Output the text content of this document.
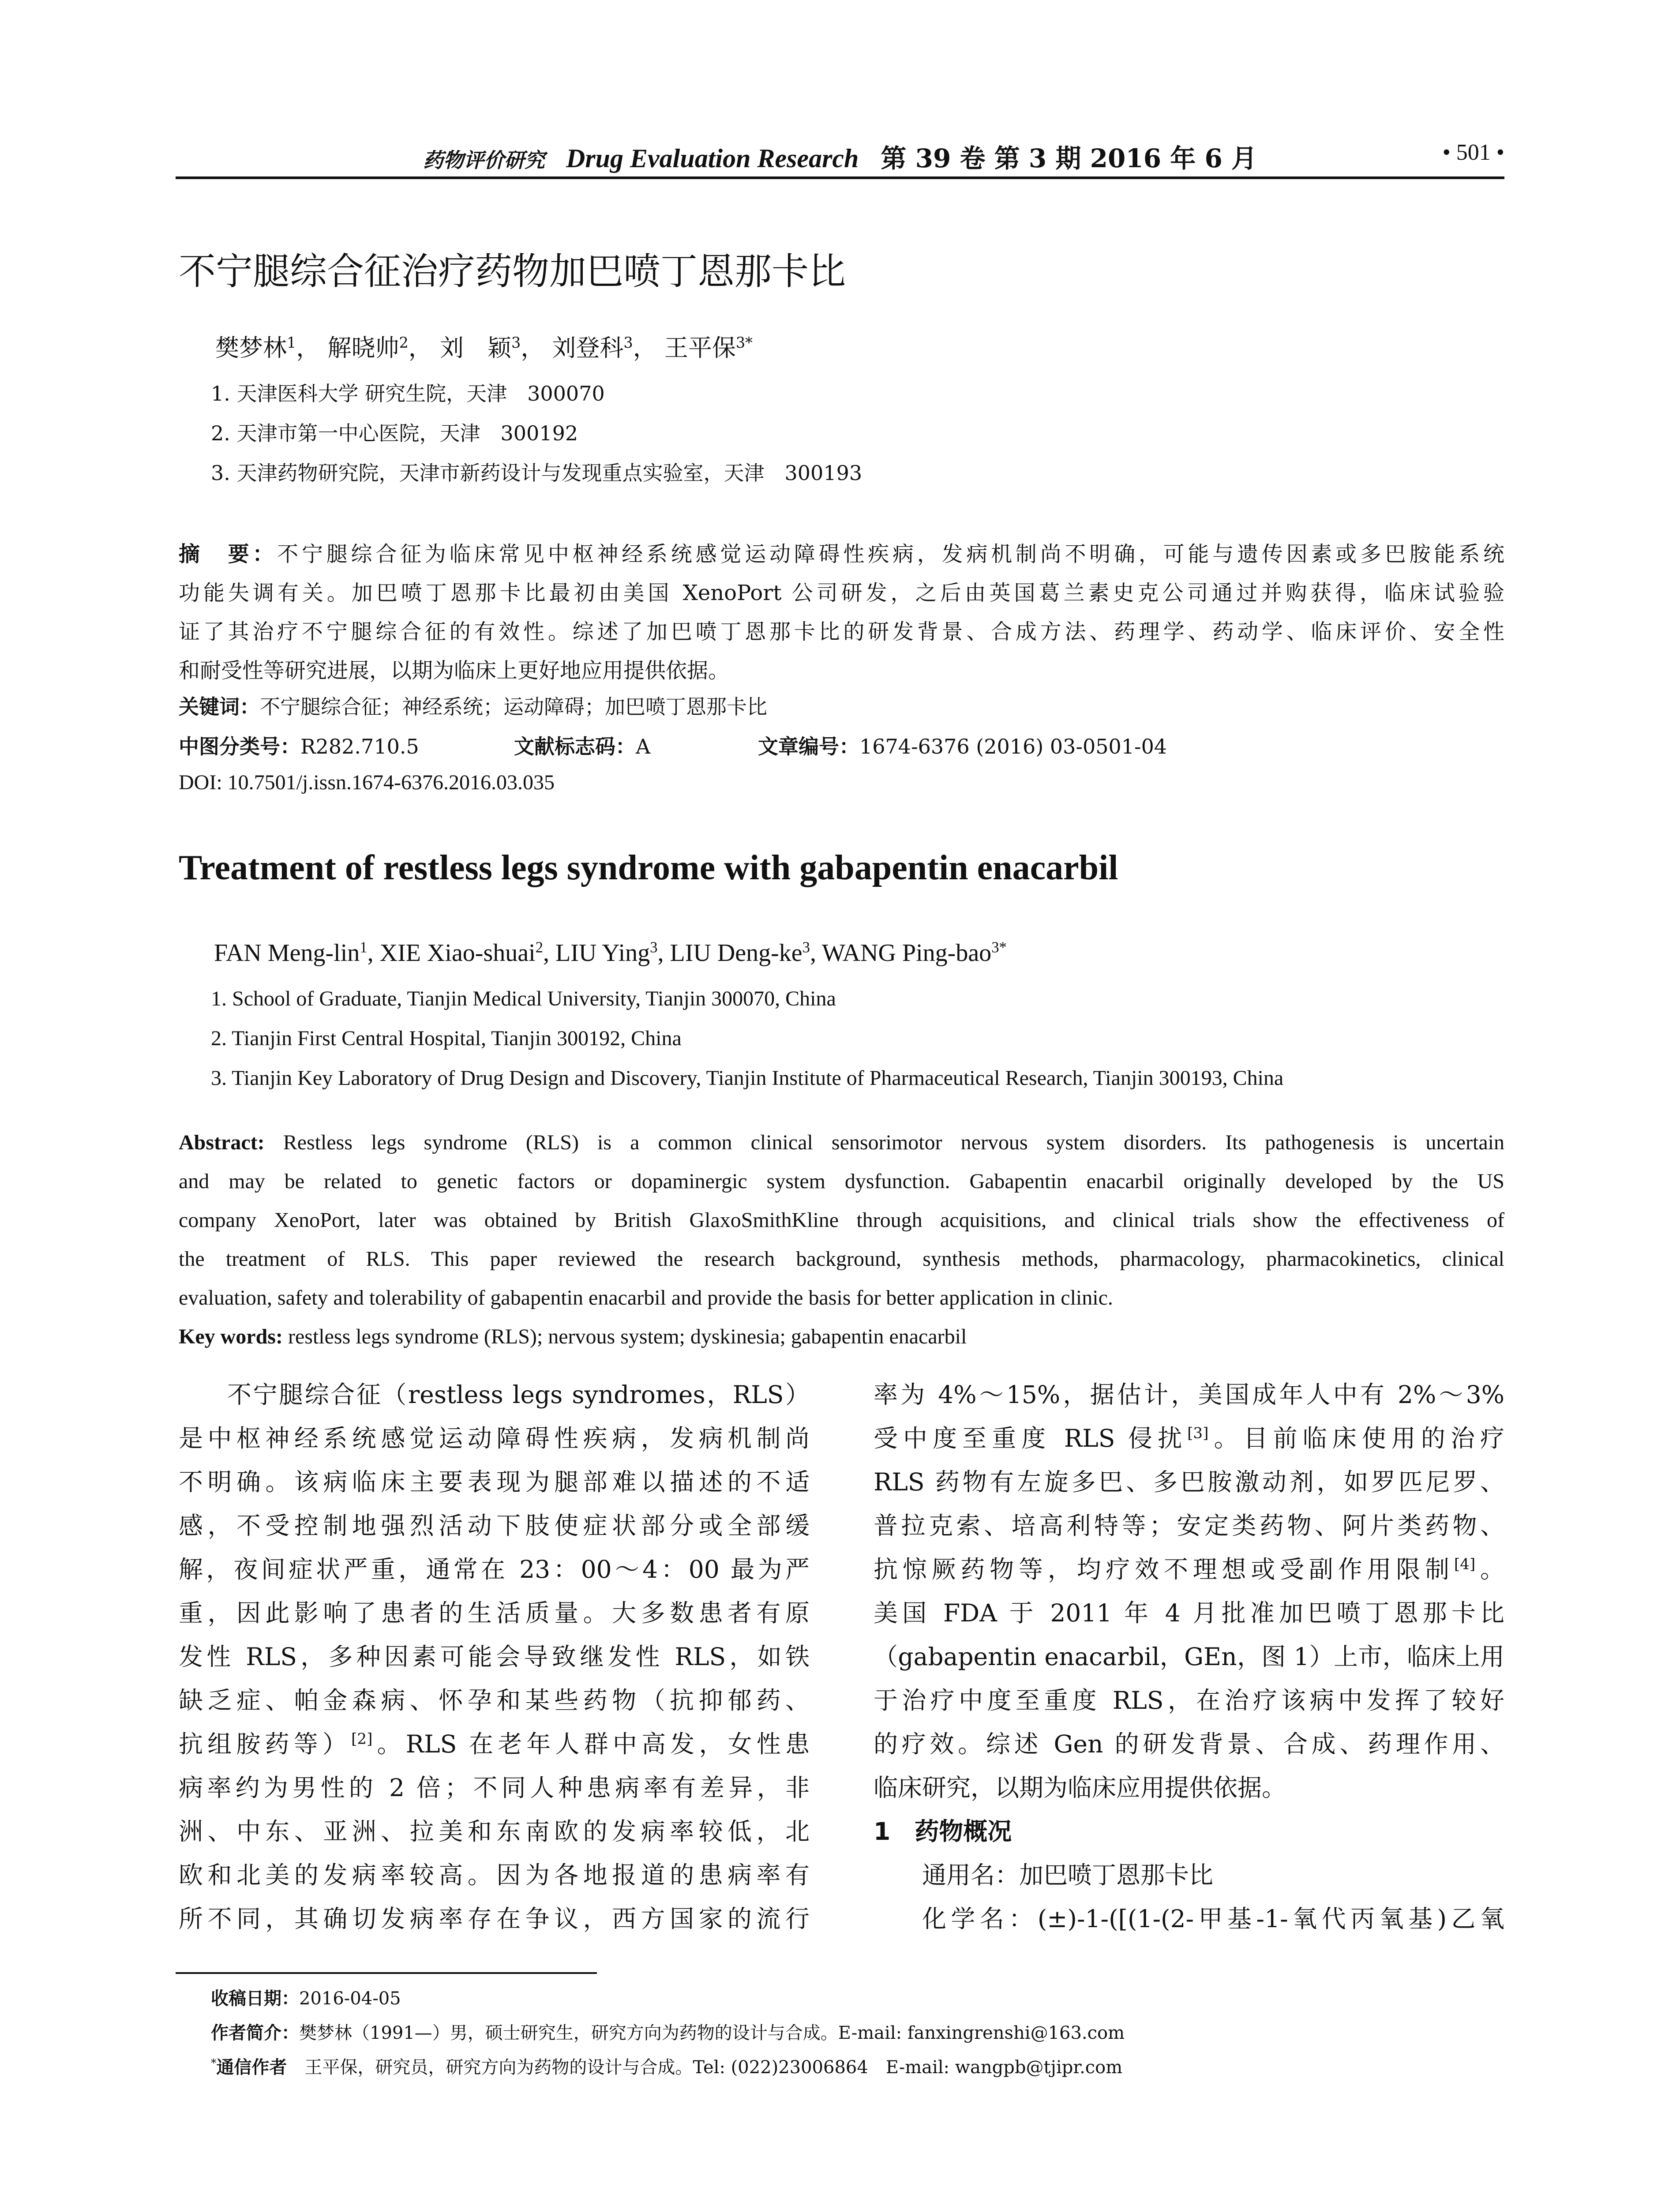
药物评价研究 Drug Evaluation Research 第 39 卷 第 3 期 2016 年 6 月	• 501 •
不宁腿综合征治疗药物加巴喷丁恩那卡比
樊梦林$^1$， 解晓帅$^2$， 刘　颖$^3$， 刘登科$^3$， 王平保$^{3*}$
1. 天津医科大学 研究生院，天津　300070
2. 天津市第一中心医院，天津　300192
3. 天津药物研究院，天津市新药设计与发现重点实验室，天津　300193
摘　要：不宁腿综合征为临床常见中枢神经系统感觉运动障碍性疾病，发病机制尚不明确，可能与遗传因素或多巴胺能系统
功能失调有关。加巴喷丁恩那卡比最初由美国 XenoPort 公司研发，之后由英国葛兰素史克公司通过并购获得，临床试验验
证了其治疗不宁腿综合征的有效性。综述了加巴喷丁恩那卡比的研发背景、合成方法、药理学、药动学、临床评价、安全性
和耐受性等研究进展，以期为临床上更好地应用提供依据。
关键词：不宁腿综合征；神经系统；运动障碍；加巴喷丁恩那卡比
中图分类号：R282.710.5	文献标志码：A	文章编号：1674-6376 (2016) 03-0501-04
DOI: 10.7501/j.issn.1674-6376.2016.03.035
Treatment of restless legs syndrome with gabapentin enacarbil
FAN Meng-lin$^1$, XIE Xiao-shuai$^2$, LIU Ying$^3$, LIU Deng-$ke^3$, WANG Ping-bao$^{3*}$
1. School of Graduate, Tianjin Medical University, Tianjin 300070, China
2. Tianjin First Central Hospital, Tianjin 300192, China
3. Tianjin Key Laboratory of Drug Design and Discovery, Tianjin Institute of Pharmaceutical Research, Tianjin 300193, China
Abstract: Restless legs syndrome (RLS) is a common clinical sensorimotor nervous system disorders. Its pathogenesis is uncertain
and may be related to genetic factors or dopaminergic system dysfunction. Gabapentin enacarbil originally developed by the US
company XenoPort, later was obtained by British GlaxoSmithKline through acquisitions, and clinical trials show the effectiveness of
the treatment of RLS. This paper reviewed the research background, synthesis methods, pharmacology, pharmacokinetics, clinical
evaluation, safety and tolerability of gabapentin enacarbil and provide the basis for better application in clinic.
Key words: restless legs syndrome (RLS); nervous system; dyskinesia; gabapentin enacarbil
不宁腿综合征（restless legs syndromes，RLS）
是中枢神经系统感觉运动障碍性疾病，发病机制尚
不明确。该病临床主要表现为腿部难以描述的不适
感，不受控制地强烈活动下肢使症状部分或全部缓
解，夜间症状严重，通常在 23：00～4：00 最为严
重，因此影响了患者的生活质量。大多数患者有原
发性 RLS，多种因素可能会导致继发性 RLS，如铁
缺乏症、帕金森病、怀孕和某些药物（抗抑郁药、
抗组胺药等）[2]。RLS 在老年人群中高发，女性患
病率约为男性的 2 倍；不同人种患病率有差异，非
洲、中东、亚洲、拉美和东南欧的发病率较低，北
欧和北美的发病率较高。因为各地报道的患病率有
所不同，其确切发病率存在争议，西方国家的流行
率为 4%～15%，据估计，美国成年人中有 2%～3%
受中度至重度 RLS 侵扰[3]。目前临床使用的治疗
RLS 药物有左旋多巴、多巴胺激动剂，如罗匹尼罗、
普拉克索、培高利特等；安定类药物、阿片类药物、
抗惊厥药物等，均疗效不理想或受副作用限制[4]。
美国 FDA 于 2011 年 4 月批准加巴喷丁恩那卡比
（gabapentin enacarbil，GEn，图 1）上市，临床上用
于治疗中度至重度 RLS，在治疗该病中发挥了较好
的疗效。综述 Gen 的研发背景、合成、药理作用、
临床研究，以期为临床应用提供依据。
1　 药物概况
通用名：加巴喷丁恩那卡比
化学名：(±)-1-([(1-(2-甲基-1-氧代丙氧基)乙氧
收稿日期：2016-04-05
作者简介：樊梦林（1991—）男，硕士研究生，研究方向为药物的设计与合成。E-mail: fanxingrenshi@163.com
*通信作者　 王平保，研究员，研究方向为药物的设计与合成。Tel: (022)23006864　E-mail: wangpb@tjipr.com
